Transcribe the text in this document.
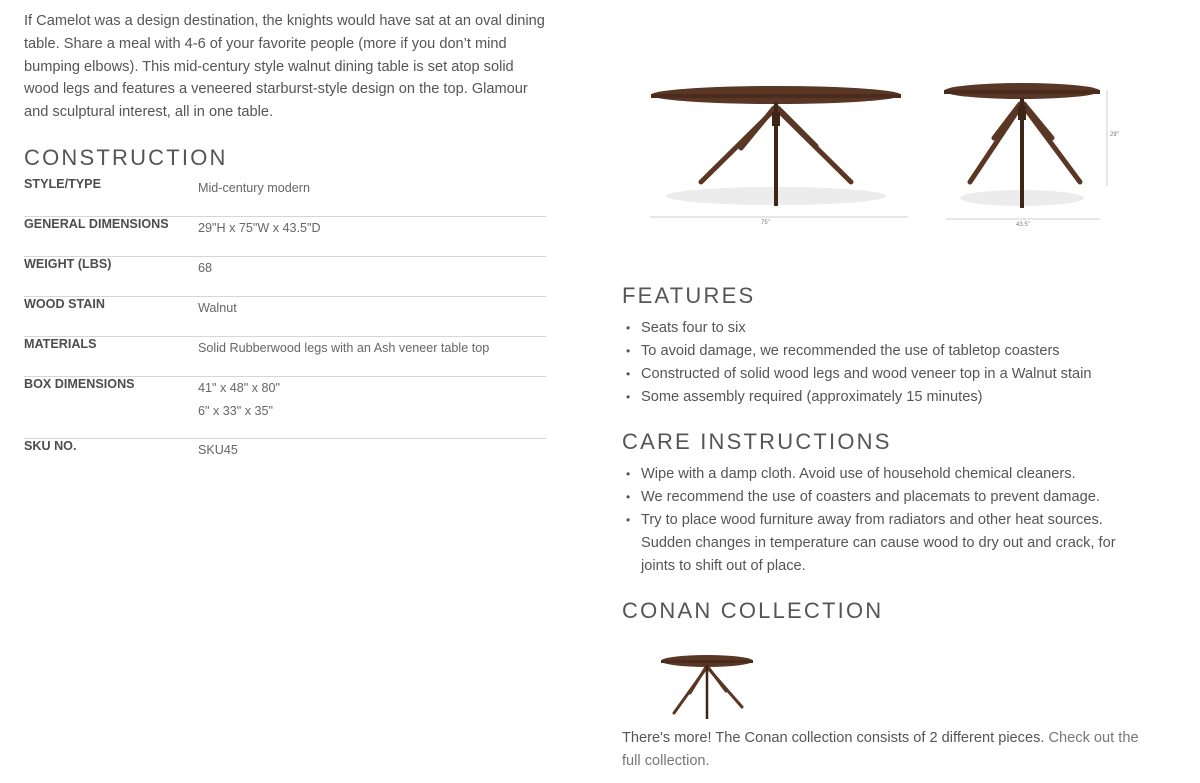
If Camelot was a design destination, the knights would have sat at an oval dining table. Share a meal with 4-6 of your favorite people (more if you don’t mind bumping elbows). This mid-century style walnut dining table is set atop solid wood legs and features a veneered starburst-style design on the top. Glamour and sculptural interest, all in one table.

CONSTRUCTION
STYLE/TYPE	Mid-century modern
GENERAL DIMENSIONS	29"H x 75"W x 43.5"D
WEIGHT (LBS)	68
WOOD STAIN	Walnut
MATERIALS	Solid Rubberwood legs with an Ash veneer table top
BOX DIMENSIONS	41" x 48" x 80"
6" x 33" x 35"

SKU NO.	SKU45
75"	43.5"
29"
FEATURES
• Seats four to six
• To avoid damage, we recommended the use of tabletop coasters
• Constructed of solid wood legs and wood veneer top in a Walnut stain
• Some assembly required (approximately 15 minutes)
CARE INSTRUCTIONS
• Wipe with a damp cloth. Avoid use of household chemical cleaners.
• We recommend the use of coasters and placemats to prevent damage.
• Try to place wood furniture away from radiators and other heat sources. Sudden changes in temperature can cause wood to dry out and crack, for joints to shift out of place.
CONAN COLLECTION
There's more! The Conan collection consists of 2 different pieces. Check out the full collection.
